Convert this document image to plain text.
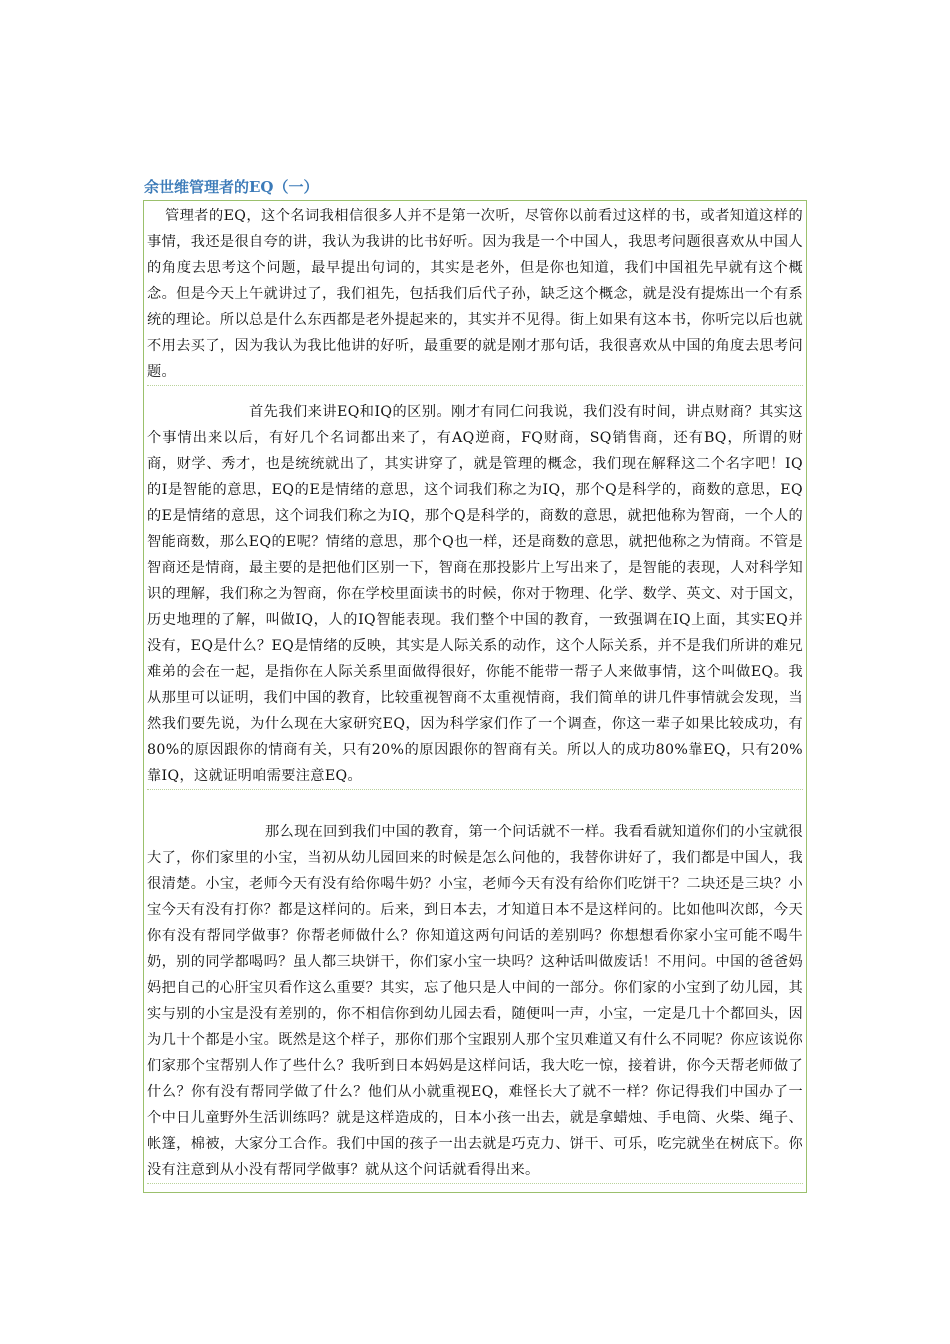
余世维管理者的EQ（一）

管理者的EQ，这个名词我相信很多人并不是第一次听，尽管你以前看过这样的书，或者知道这样的事情，我还是很自夸的讲，我认为我讲的比书好听。因为我是一个中国人，我思考问题很喜欢从中国人的角度去思考这个问题，最早提出句词的，其实是老外，但是你也知道，我们中国祖先早就有这个概念。但是今天上午就讲过了，我们祖先，包括我们后代子孙，缺乏这个概念，就是没有提炼出一个有系统的理论。所以总是什么东西都是老外提起来的，其实并不见得。街上如果有这本书，你听完以后也就不用去买了，因为我认为我比他讲的好听，最重要的就是刚才那句话，我很喜欢从中国的角度去思考问题。

首先我们来讲EQ和IQ的区别。刚才有同仁问我说，我们没有时间，讲点财商？其实这个事情出来以后，有好几个名词都出来了，有AQ逆商，FQ财商，SQ销售商，还有BQ，所谓的财商，财学、秀才，也是统统就出了，其实讲穿了，就是管理的概念，我们现在解释这二个名字吧！IQ的I是智能的意思，EQ的E是情绪的意思，这个词我们称之为IQ，那个Q是科学的，商数的意思，EQ的E是情绪的意思，这个词我们称之为IQ，那个Q是科学的，商数的意思，就把他称为智商，一个人的智能商数，那么EQ的E呢？情绪的意思，那个Q也一样，还是商数的意思，就把他称之为情商。不管是智商还是情商，最主要的是把他们区别一下，智商在那投影片上写出来了，是智能的表现，人对科学知识的理解，我们称之为智商，你在学校里面读书的时候，你对于物理、化学、数学、英文、对于国文，历史地理的了解，叫做IQ，人的IQ智能表现。我们整个中国的教育，一致强调在IQ上面，其实EQ并没有，EQ是什么？EQ是情绪的反映，其实是人际关系的动作，这个人际关系，并不是我们所讲的难兄难弟的会在一起，是指你在人际关系里面做得很好，你能不能带一帮子人来做事情，这个叫做EQ。我从那里可以证明，我们中国的教育，比较重视智商不太重视情商，我们简单的讲几件事情就会发现，当然我们要先说，为什么现在大家研究EQ，因为科学家们作了一个调查，你这一辈子如果比较成功，有80%的原因跟你的情商有关，只有20%的原因跟你的智商有关。所以人的成功80%靠EQ，只有20%靠IQ，这就证明咱需要注意EQ。

那么现在回到我们中国的教育，第一个问话就不一样。我看看就知道你们的小宝就很大了，你们家里的小宝，当初从幼儿园回来的时候是怎么问他的，我替你讲好了，我们都是中国人，我很清楚。小宝，老师今天有没有给你喝牛奶？小宝，老师今天有没有给你们吃饼干？二块还是三块？小宝今天有没有打你？都是这样问的。后来，到日本去，才知道日本不是这样问的。比如他叫次郎，今天你有没有帮同学做事？你帮老师做什么？你知道这两句问话的差别吗？你想想看你家小宝可能不喝牛奶，别的同学都喝吗？虽人都三块饼干，你们家小宝一块吗？这种话叫做废话！不用问。中国的爸爸妈妈把自己的心肝宝贝看作这么重要？其实，忘了他只是人中间的一部分。你们家的小宝到了幼儿园，其实与别的小宝是没有差别的，你不相信你到幼儿园去看，随便叫一声，小宝，一定是几十个都回头，因为几十个都是小宝。既然是这个样子，那你们那个宝跟别人那个宝贝难道又有什么不同呢？你应该说你们家那个宝帮别人作了些什么？我听到日本妈妈是这样问话，我大吃一惊，接着讲，你今天帮老师做了什么？你有没有帮同学做了什么？他们从小就重视EQ，难怪长大了就不一样？你记得我们中国办了一个中日儿童野外生活训练吗？就是这样造成的，日本小孩一出去，就是拿蜡烛、手电筒、火柴、绳子、帐篷，棉被，大家分工合作。我们中国的孩子一出去就是巧克力、饼干、可乐，吃完就坐在树底下。你没有注意到从小没有帮同学做事？就从这个问话就看得出来。
